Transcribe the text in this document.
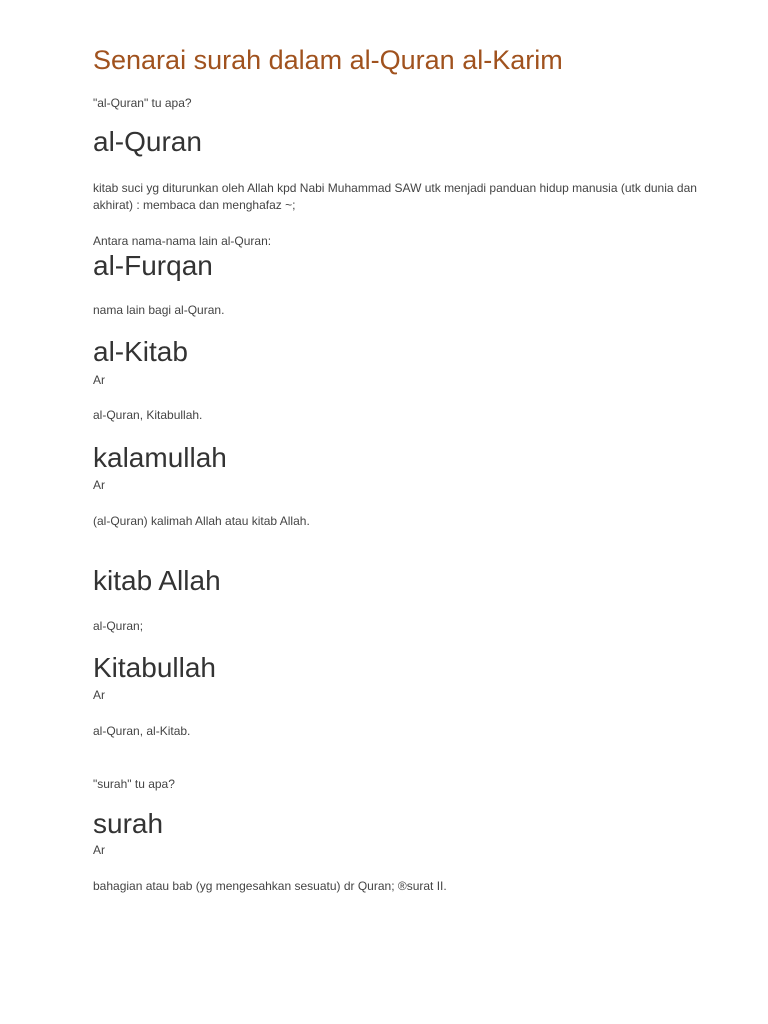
Senarai surah dalam al-Quran al-Karim

"al-Quran" tu apa?

al-Quran

kitab suci yg diturunkan oleh Allah kpd Nabi Muhammad SAW utk menjadi panduan hidup manusia (utk dunia dan akhirat) : membaca dan menghafaz ~;

Antara nama-nama lain al-Quran:

al-Furqan

nama lain bagi al-Quran.

al-Kitab

Ar

al-Quran, Kitabullah.

kalamullah

Ar

(al-Quran) kalimah Allah atau kitab Allah.

kitab Allah

al-Quran;

Kitabullah

Ar

al-Quran, al-Kitab.

"surah" tu apa?

surah

Ar

bahagian atau bab (yg mengesahkan sesuatu) dr Quran; ®surat II.
